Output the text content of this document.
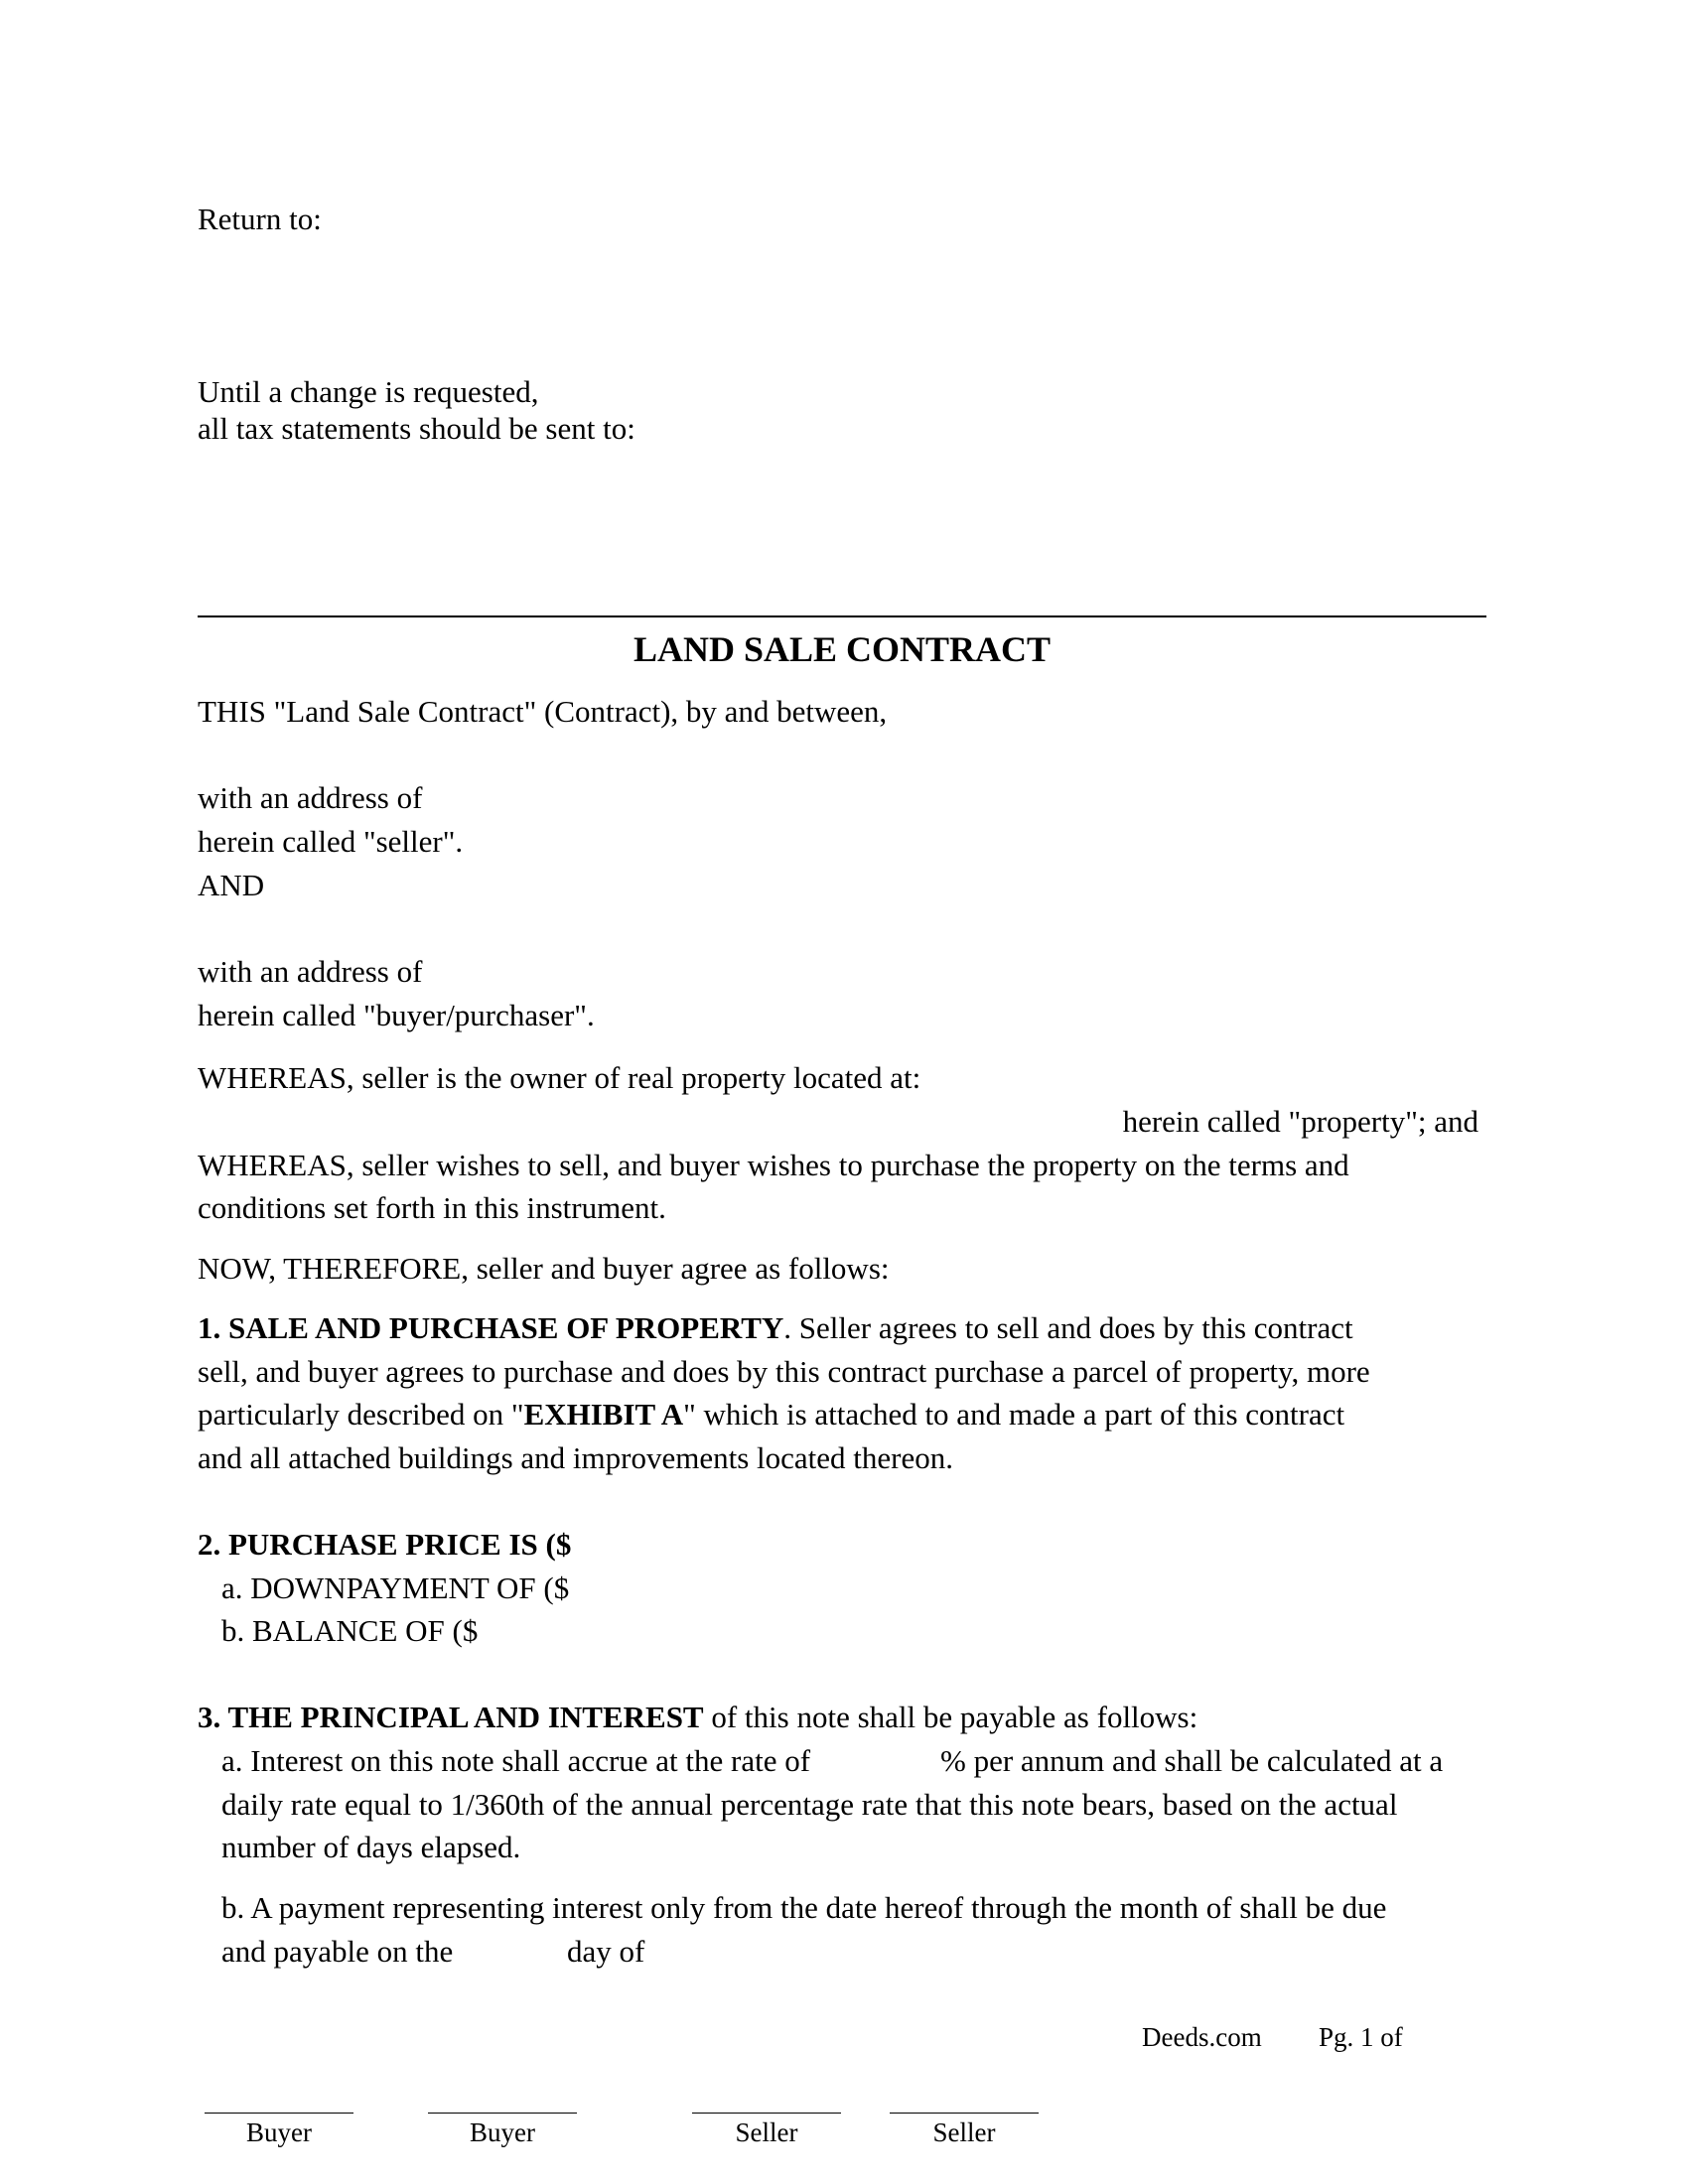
Return to:
Until a change is requested,
all tax statements should be sent to:
LAND SALE CONTRACT
THIS "Land Sale Contract" (Contract), by and between,
with an address of
herein called "seller".
AND
with an address of
herein called "buyer/purchaser".
WHEREAS, seller is the owner of real property located at:
herein called "property"; and
WHEREAS, seller wishes to sell, and buyer wishes to purchase the property on the terms and
conditions set forth in this instrument.
NOW, THEREFORE, seller and buyer agree as follows:
1. SALE AND PURCHASE OF PROPERTY. Seller agrees to sell and does by this contract
sell, and buyer agrees to purchase and does by this contract purchase a parcel of property, more
particularly described on "EXHIBIT A" which is attached to and made a part of this contract
and all attached buildings and improvements located thereon.
2. PURCHASE PRICE IS ($
a. DOWNPAYMENT OF ($
b. BALANCE OF ($
3. THE PRINCIPAL AND INTEREST of this note shall be payable as follows:
a. Interest on this note shall accrue at the rate of	% per annum and shall be calculated at a
daily rate equal to 1/360th of the annual percentage rate that this note bears, based on the actual
number of days elapsed.
b. A payment representing interest only from the date hereof through the month of shall be due
and payable on the	day of
Deeds.com Pg. 1 of
Buyer	Buyer	Seller	Seller
